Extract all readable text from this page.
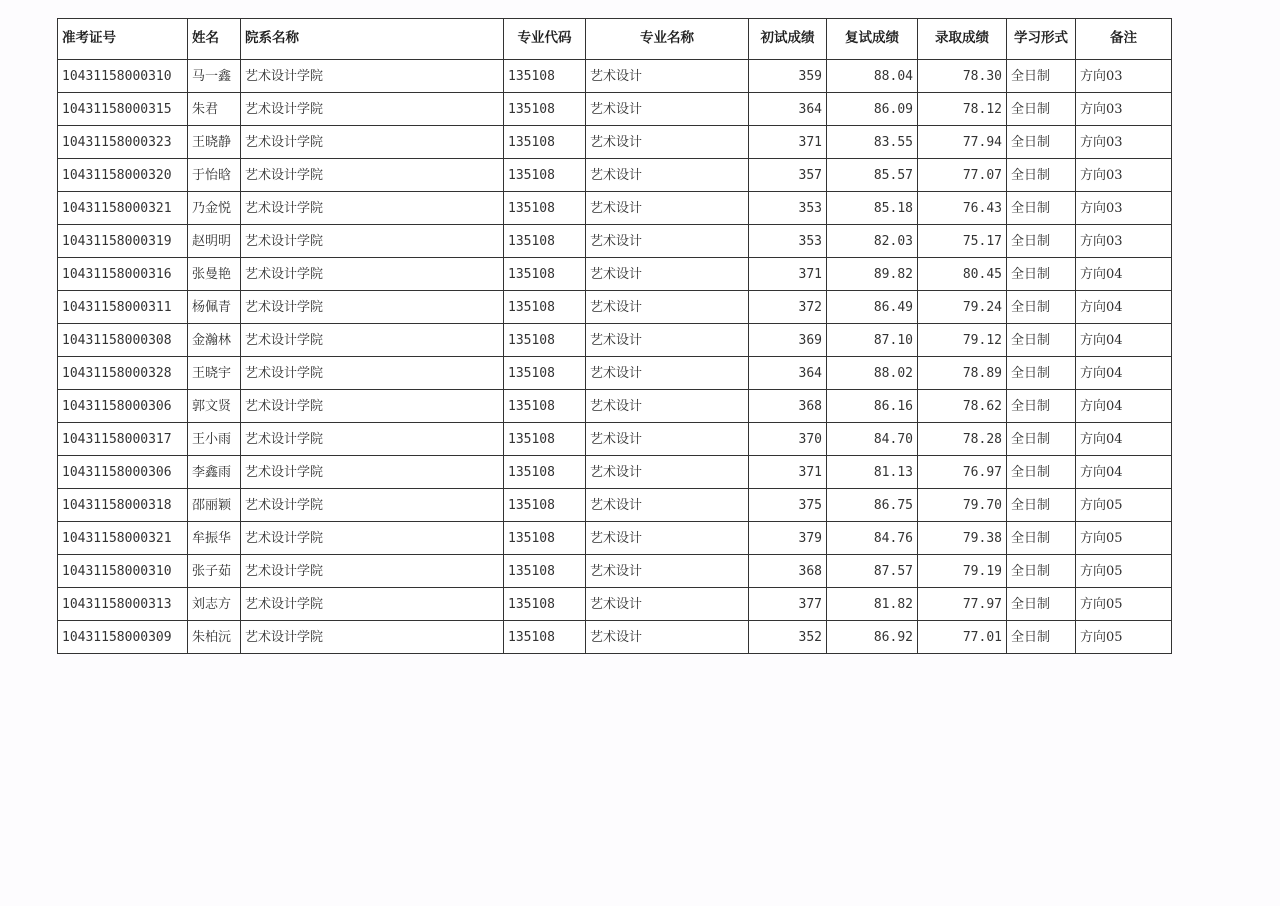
准考证号	姓名	院系名称	专业代码	专业名称	初试成绩	复试成绩	录取成绩	学习形式	备注
10431158000310	马一鑫	艺术设计学院	135108	艺术设计	359	88.04	78.30	全日制	方向03
10431158000315	朱君	艺术设计学院	135108	艺术设计	364	86.09	78.12	全日制	方向03
10431158000323	王晓静	艺术设计学院	135108	艺术设计	371	83.55	77.94	全日制	方向03
10431158000320	于怡晗	艺术设计学院	135108	艺术设计	357	85.57	77.07	全日制	方向03
10431158000321	乃金悦	艺术设计学院	135108	艺术设计	353	85.18	76.43	全日制	方向03
10431158000319	赵明明	艺术设计学院	135108	艺术设计	353	82.03	75.17	全日制	方向03
10431158000316	张曼艳	艺术设计学院	135108	艺术设计	371	89.82	80.45	全日制	方向04
10431158000311	杨佩青	艺术设计学院	135108	艺术设计	372	86.49	79.24	全日制	方向04
10431158000308	金瀚林	艺术设计学院	135108	艺术设计	369	87.10	79.12	全日制	方向04
10431158000328	王晓宇	艺术设计学院	135108	艺术设计	364	88.02	78.89	全日制	方向04
10431158000306	郭文贤	艺术设计学院	135108	艺术设计	368	86.16	78.62	全日制	方向04
10431158000317	王小雨	艺术设计学院	135108	艺术设计	370	84.70	78.28	全日制	方向04
10431158000306	李鑫雨	艺术设计学院	135108	艺术设计	371	81.13	76.97	全日制	方向04
10431158000318	邵丽颖	艺术设计学院	135108	艺术设计	375	86.75	79.70	全日制	方向05
10431158000321	牟振华	艺术设计学院	135108	艺术设计	379	84.76	79.38	全日制	方向05
10431158000310	张子茹	艺术设计学院	135108	艺术设计	368	87.57	79.19	全日制	方向05
10431158000313	刘志方	艺术设计学院	135108	艺术设计	377	81.82	77.97	全日制	方向05
10431158000309	朱柏沅	艺术设计学院	135108	艺术设计	352	86.92	77.01	全日制	方向05
